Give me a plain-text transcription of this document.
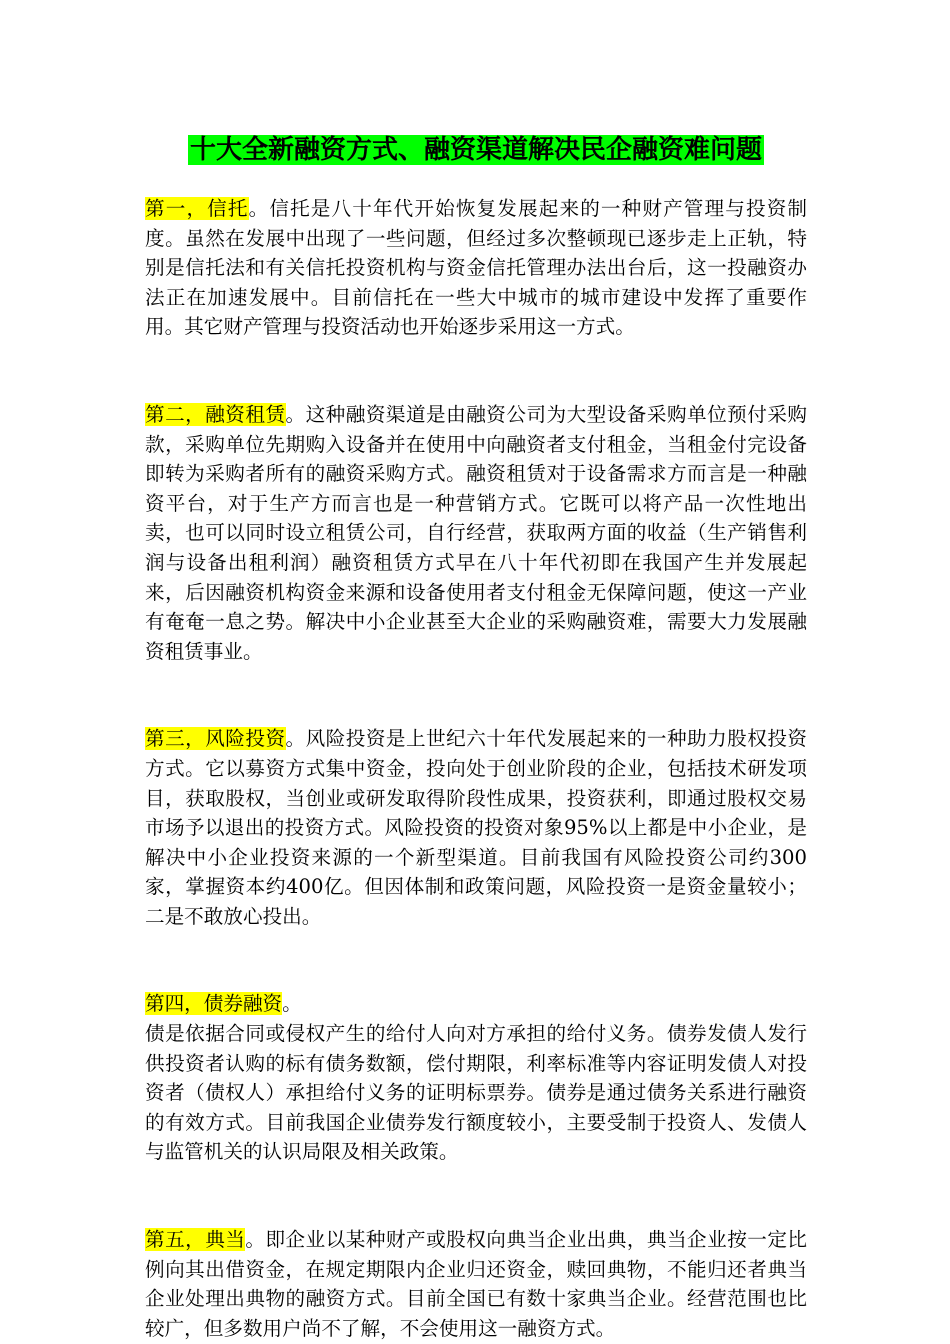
十大全新融资方式、融资渠道解决民企融资难问题

第一，信托。信托是八十年代开始恢复发展起来的一种财产管理与投资制度。虽然在发展中出现了一些问题，但经过多次整顿现已逐步走上正轨，特别是信托法和有关信托投资机构与资金信托管理办法出台后，这一投融资办法正在加速发展中。目前信托在一些大中城市的城市建设中发挥了重要作用。其它财产管理与投资活动也开始逐步采用这一方式。

第二，融资租赁。这种融资渠道是由融资公司为大型设备采购单位预付采购款，采购单位先期购入设备并在使用中向融资者支付租金，当租金付完设备即转为采购者所有的融资采购方式。融资租赁对于设备需求方而言是一种融资平台，对于生产方而言也是一种营销方式。它既可以将产品一次性地出卖，也可以同时设立租赁公司，自行经营，获取两方面的收益（生产销售利润与设备出租利润）融资租赁方式早在八十年代初即在我国产生并发展起来，后因融资机构资金来源和设备使用者支付租金无保障问题，使这一产业有奄奄一息之势。解决中小企业甚至大企业的采购融资难，需要大力发展融资租赁事业。

第三，风险投资。风险投资是上世纪六十年代发展起来的一种助力股权投资方式。它以募资方式集中资金，投向处于创业阶段的企业，包括技术研发项目，获取股权，当创业或研发取得阶段性成果，投资获利，即通过股权交易市场予以退出的投资方式。风险投资的投资对象95%以上都是中小企业，是解决中小企业投资来源的一个新型渠道。目前我国有风险投资公司约300家，掌握资本约400亿。但因体制和政策问题，风险投资一是资金量较小；二是不敢放心投出。

第四，债券融资。
债是依据合同或侵权产生的给付人向对方承担的给付义务。债券发债人发行供投资者认购的标有债务数额，偿付期限，利率标准等内容证明发债人对投资者（债权人）承担给付义务的证明标票券。债券是通过债务关系进行融资的有效方式。目前我国企业债券发行额度较小，主要受制于投资人、发债人与监管机关的认识局限及相关政策。

第五，典当。即企业以某种财产或股权向典当企业出典，典当企业按一定比例向其出借资金，在规定期限内企业归还资金，赎回典物，不能归还者典当企业处理出典物的融资方式。目前全国已有数十家典当企业。经营范围也比较广，但多数用户尚不了解，不会使用这一融资方式。
